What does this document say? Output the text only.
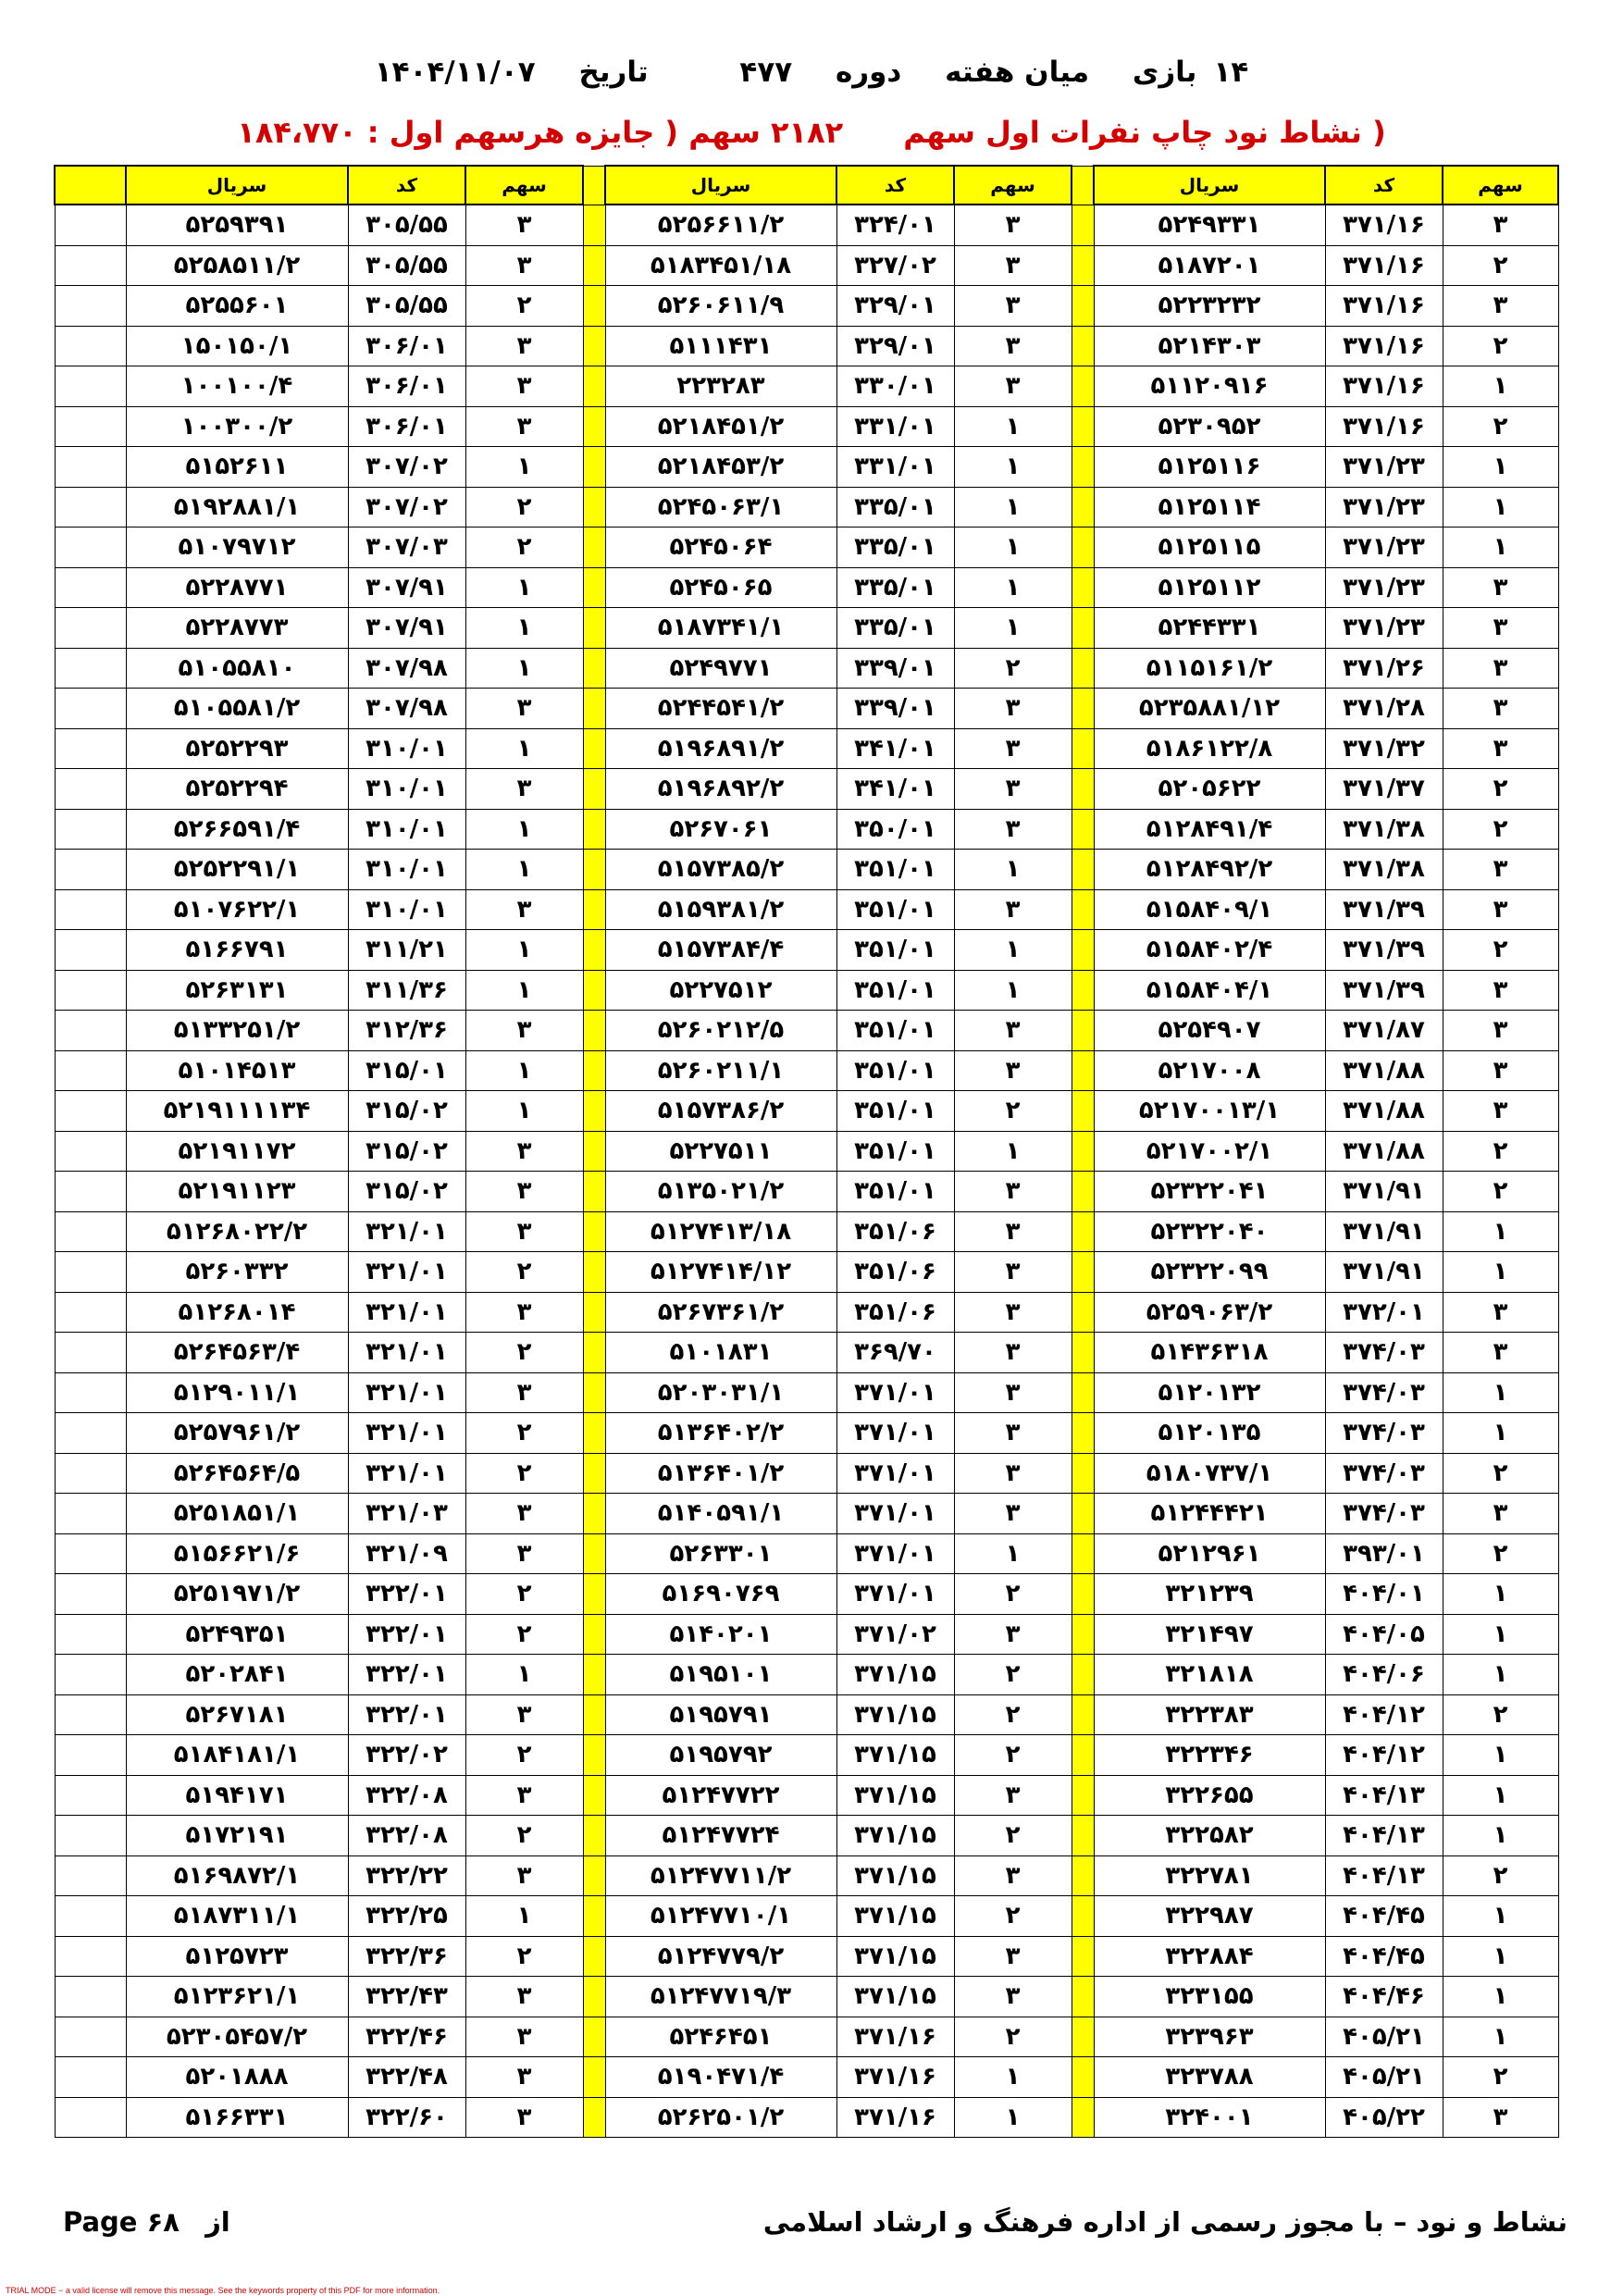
۱۴بازی میان هفته دوره ۴۷۷ تاریخ ۱۴۰۴/۱۱/۰۷
( نشاط نود چاپ نفرات اول سهم ۲۱۸۲ سهم ( جایزه هرسهم اول : ۱۸۴،۷۷۰
سهم	کد	سریال		سهم	کد	سریال		سهم	کد	سریال	
۳	۳۷۱/۱۶	۵۲۴۹۳۳۱		۳	۳۲۴/۰۱	۵۲۵۶۶۱۱/۲		۳	۳۰۵/۵۵	۵۲۵۹۳۹۱	
۲	۳۷۱/۱۶	۵۱۸۷۲۰۱		۳	۳۲۷/۰۲	۵۱۸۳۴۵۱/۱۸		۳	۳۰۵/۵۵	۵۲۵۸۵۱۱/۲	
۳	۳۷۱/۱۶	۵۲۲۳۲۳۲		۳	۳۲۹/۰۱	۵۲۶۰۶۱۱/۹		۲	۳۰۵/۵۵	۵۲۵۵۶۰۱	
۲	۳۷۱/۱۶	۵۲۱۴۳۰۳		۳	۳۲۹/۰۱	۵۱۱۱۴۳۱		۳	۳۰۶/۰۱	۱۵۰۱۵۰/۱	
۱	۳۷۱/۱۶	۵۱۱۲۰۹۱۶		۳	۳۳۰/۰۱	۲۲۳۲۸۳		۳	۳۰۶/۰۱	۱۰۰۱۰۰/۴	
۲	۳۷۱/۱۶	۵۲۳۰۹۵۲		۱	۳۳۱/۰۱	۵۲۱۸۴۵۱/۲		۳	۳۰۶/۰۱	۱۰۰۳۰۰/۲	
۱	۳۷۱/۲۳	۵۱۲۵۱۱۶		۱	۳۳۱/۰۱	۵۲۱۸۴۵۳/۲		۱	۳۰۷/۰۲	۵۱۵۲۶۱۱	
۱	۳۷۱/۲۳	۵۱۲۵۱۱۴		۱	۳۳۵/۰۱	۵۲۴۵۰۶۳/۱		۲	۳۰۷/۰۲	۵۱۹۲۸۸۱/۱	
۱	۳۷۱/۲۳	۵۱۲۵۱۱۵		۱	۳۳۵/۰۱	۵۲۴۵۰۶۴		۲	۳۰۷/۰۳	۵۱۰۷۹۷۱۲	
۳	۳۷۱/۲۳	۵۱۲۵۱۱۲		۱	۳۳۵/۰۱	۵۲۴۵۰۶۵		۱	۳۰۷/۹۱	۵۲۲۸۷۷۱	
۳	۳۷۱/۲۳	۵۲۴۴۳۳۱		۱	۳۳۵/۰۱	۵۱۸۷۳۴۱/۱		۱	۳۰۷/۹۱	۵۲۲۸۷۷۳	
۳	۳۷۱/۲۶	۵۱۱۵۱۶۱/۲		۲	۳۳۹/۰۱	۵۲۴۹۷۷۱		۱	۳۰۷/۹۸	۵۱۰۵۵۸۱۰	
۳	۳۷۱/۲۸	۵۲۳۵۸۸۱/۱۲		۳	۳۳۹/۰۱	۵۲۴۴۵۴۱/۲		۳	۳۰۷/۹۸	۵۱۰۵۵۸۱/۲	
۳	۳۷۱/۳۲	۵۱۸۶۱۲۲/۸		۳	۳۴۱/۰۱	۵۱۹۶۸۹۱/۲		۱	۳۱۰/۰۱	۵۲۵۲۲۹۳	
۲	۳۷۱/۳۷	۵۲۰۵۶۲۲		۳	۳۴۱/۰۱	۵۱۹۶۸۹۲/۲		۳	۳۱۰/۰۱	۵۲۵۲۲۹۴	
۲	۳۷۱/۳۸	۵۱۲۸۴۹۱/۴		۳	۳۵۰/۰۱	۵۲۶۷۰۶۱		۱	۳۱۰/۰۱	۵۲۶۶۵۹۱/۴	
۳	۳۷۱/۳۸	۵۱۲۸۴۹۲/۲		۱	۳۵۱/۰۱	۵۱۵۷۳۸۵/۲		۱	۳۱۰/۰۱	۵۲۵۲۲۹۱/۱	
۳	۳۷۱/۳۹	۵۱۵۸۴۰۹/۱		۳	۳۵۱/۰۱	۵۱۵۹۳۸۱/۲		۳	۳۱۰/۰۱	۵۱۰۷۶۲۲/۱	
۲	۳۷۱/۳۹	۵۱۵۸۴۰۲/۴		۱	۳۵۱/۰۱	۵۱۵۷۳۸۴/۴		۱	۳۱۱/۲۱	۵۱۶۶۷۹۱	
۳	۳۷۱/۳۹	۵۱۵۸۴۰۴/۱		۱	۳۵۱/۰۱	۵۲۲۷۵۱۲		۱	۳۱۱/۳۶	۵۲۶۳۱۳۱	
۳	۳۷۱/۸۷	۵۲۵۴۹۰۷		۳	۳۵۱/۰۱	۵۲۶۰۲۱۲/۵		۳	۳۱۲/۳۶	۵۱۳۳۲۵۱/۲	
۳	۳۷۱/۸۸	۵۲۱۷۰۰۸		۳	۳۵۱/۰۱	۵۲۶۰۲۱۱/۱		۱	۳۱۵/۰۱	۵۱۰۱۴۵۱۳	
۳	۳۷۱/۸۸	۵۲۱۷۰۰۱۳/۱		۲	۳۵۱/۰۱	۵۱۵۷۳۸۶/۲		۱	۳۱۵/۰۲	۵۲۱۹۱۱۱۱۳۴	
۲	۳۷۱/۸۸	۵۲۱۷۰۰۲/۱		۱	۳۵۱/۰۱	۵۲۲۷۵۱۱		۳	۳۱۵/۰۲	۵۲۱۹۱۱۷۲	
۲	۳۷۱/۹۱	۵۲۳۲۲۰۴۱		۳	۳۵۱/۰۱	۵۱۳۵۰۲۱/۲		۳	۳۱۵/۰۲	۵۲۱۹۱۱۲۳	
۱	۳۷۱/۹۱	۵۲۳۲۲۰۴۰		۳	۳۵۱/۰۶	۵۱۲۷۴۱۳/۱۸		۳	۳۲۱/۰۱	۵۱۲۶۸۰۲۲/۲	
۱	۳۷۱/۹۱	۵۲۳۲۲۰۹۹		۳	۳۵۱/۰۶	۵۱۲۷۴۱۴/۱۲		۲	۳۲۱/۰۱	۵۲۶۰۳۳۲	
۳	۳۷۲/۰۱	۵۲۵۹۰۶۳/۲		۳	۳۵۱/۰۶	۵۲۶۷۳۶۱/۲		۳	۳۲۱/۰۱	۵۱۲۶۸۰۱۴	
۳	۳۷۴/۰۳	۵۱۴۳۶۳۱۸		۳	۳۶۹/۷۰	۵۱۰۱۸۳۱		۲	۳۲۱/۰۱	۵۲۶۴۵۶۳/۴	
۱	۳۷۴/۰۳	۵۱۲۰۱۳۲		۳	۳۷۱/۰۱	۵۲۰۳۰۳۱/۱		۳	۳۲۱/۰۱	۵۱۲۹۰۱۱/۱	
۱	۳۷۴/۰۳	۵۱۲۰۱۳۵		۳	۳۷۱/۰۱	۵۱۳۶۴۰۲/۲		۲	۳۲۱/۰۱	۵۲۵۷۹۶۱/۲	
۲	۳۷۴/۰۳	۵۱۸۰۷۳۷/۱		۳	۳۷۱/۰۱	۵۱۳۶۴۰۱/۲		۲	۳۲۱/۰۱	۵۲۶۴۵۶۴/۵	
۳	۳۷۴/۰۳	۵۱۲۴۴۴۲۱		۳	۳۷۱/۰۱	۵۱۴۰۵۹۱/۱		۳	۳۲۱/۰۳	۵۲۵۱۸۵۱/۱	
۲	۳۹۳/۰۱	۵۲۱۲۹۶۱		۱	۳۷۱/۰۱	۵۲۶۳۳۰۱		۳	۳۲۱/۰۹	۵۱۵۶۶۲۱/۶	
۱	۴۰۴/۰۱	۳۲۱۲۳۹		۲	۳۷۱/۰۱	۵۱۶۹۰۷۶۹		۲	۳۲۲/۰۱	۵۲۵۱۹۷۱/۲	
۱	۴۰۴/۰۵	۳۲۱۴۹۷		۳	۳۷۱/۰۲	۵۱۴۰۲۰۱		۲	۳۲۲/۰۱	۵۲۴۹۳۵۱	
۱	۴۰۴/۰۶	۳۲۱۸۱۸		۲	۳۷۱/۱۵	۵۱۹۵۱۰۱		۱	۳۲۲/۰۱	۵۲۰۲۸۴۱	
۲	۴۰۴/۱۲	۳۲۲۳۸۳		۲	۳۷۱/۱۵	۵۱۹۵۷۹۱		۳	۳۲۲/۰۱	۵۲۶۷۱۸۱	
۱	۴۰۴/۱۲	۳۲۲۳۴۶		۲	۳۷۱/۱۵	۵۱۹۵۷۹۲		۲	۳۲۲/۰۲	۵۱۸۴۱۸۱/۱	
۱	۴۰۴/۱۳	۳۲۲۶۵۵		۳	۳۷۱/۱۵	۵۱۲۴۷۷۲۲		۳	۳۲۲/۰۸	۵۱۹۴۱۷۱	
۱	۴۰۴/۱۳	۳۲۲۵۸۲		۲	۳۷۱/۱۵	۵۱۲۴۷۷۲۴		۲	۳۲۲/۰۸	۵۱۷۲۱۹۱	
۲	۴۰۴/۱۳	۳۲۲۷۸۱		۳	۳۷۱/۱۵	۵۱۲۴۷۷۱۱/۲		۳	۳۲۲/۲۲	۵۱۶۹۸۷۲/۱	
۱	۴۰۴/۴۵	۳۲۲۹۸۷		۲	۳۷۱/۱۵	۵۱۲۴۷۷۱۰/۱		۱	۳۲۲/۲۵	۵۱۸۷۳۱۱/۱	
۱	۴۰۴/۴۵	۳۲۲۸۸۴		۳	۳۷۱/۱۵	۵۱۲۴۷۷۹/۲		۲	۳۲۲/۳۶	۵۱۲۵۷۲۳	
۱	۴۰۴/۴۶	۳۲۳۱۵۵		۳	۳۷۱/۱۵	۵۱۲۴۷۷۱۹/۳		۳	۳۲۲/۴۳	۵۱۲۳۶۲۱/۱	
۱	۴۰۵/۲۱	۳۲۳۹۶۳		۲	۳۷۱/۱۶	۵۲۴۶۴۵۱		۳	۳۲۲/۴۶	۵۲۳۰۵۴۵۷/۲	
۲	۴۰۵/۲۱	۳۲۳۷۸۸		۱	۳۷۱/۱۶	۵۱۹۰۴۷۱/۴		۳	۳۲۲/۴۸	۵۲۰۱۸۸۸	
۳	۴۰۵/۲۲	۳۲۴۰۰۱		۱	۳۷۱/۱۶	۵۲۶۲۵۰۱/۲		۳	۳۲۲/۶۰	۵۱۶۶۳۳۱	
نشاط و نود – با مجوز رسمی از اداره فرهنگ و ارشاد اسلامی
Page ۶۸ از
TRIAL MODE − a valid license will remove this message. See the keywords property of this PDF for more information.
